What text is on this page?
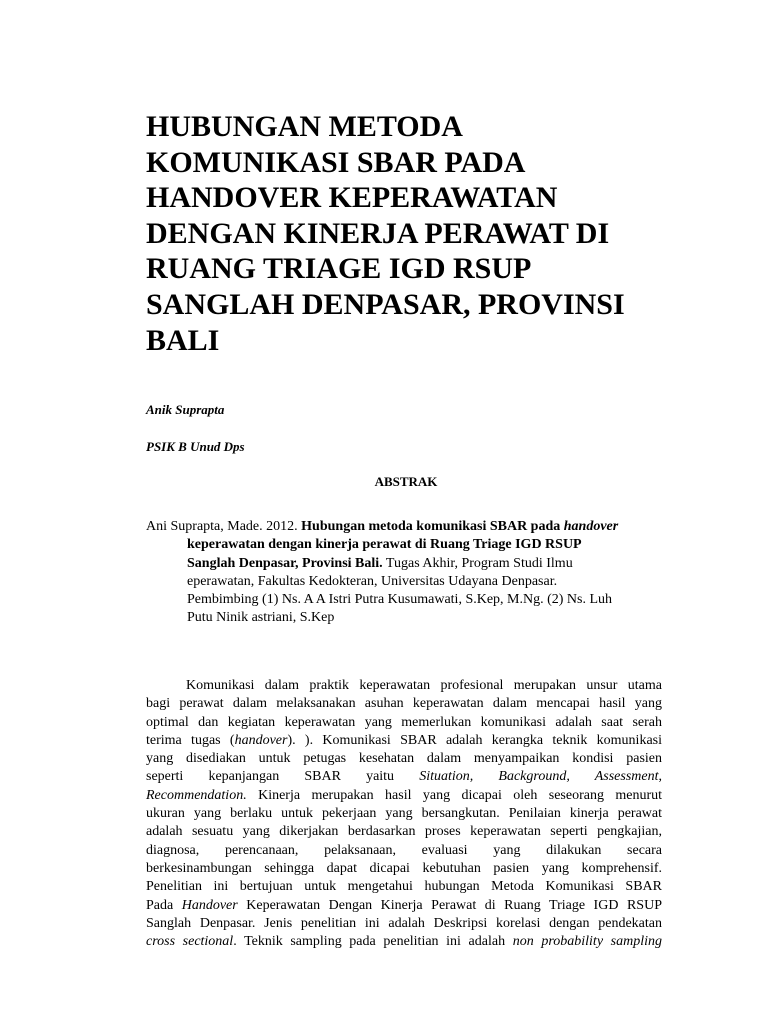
HUBUNGAN METODA
KOMUNIKASI SBAR PADA
HANDOVER KEPERAWATAN
DENGAN KINERJA PERAWAT DI
RUANG TRIAGE IGD RSUP
SANGLAH DENPASAR, PROVINSI
BALI
Anik Suprapta
PSIK B Unud Dps
ABSTRAK
Ani Suprapta, Made. 2012. Hubungan metoda komunikasi SBAR pada handover
keperawatan dengan kinerja perawat di Ruang Triage IGD RSUP
Sanglah Denpasar, Provinsi Bali. Tugas Akhir, Program Studi Ilmu
eperawatan, Fakultas Kedokteran, Universitas Udayana Denpasar.
Pembimbing (1) Ns. A A Istri Putra Kusumawati, S.Kep, M.Ng. (2) Ns. Luh
Putu Ninik astriani, S.Kep
Komunikasi dalam praktik keperawatan profesional merupakan unsur utama
bagi perawat dalam melaksanakan asuhan keperawatan dalam mencapai hasil yang
optimal dan kegiatan keperawatan yang memerlukan komunikasi adalah saat serah
terima tugas (handover). ). Komunikasi SBAR adalah kerangka teknik komunikasi
yang disediakan untuk petugas kesehatan dalam menyampaikan kondisi pasien
seperti kepanjangan SBAR yaitu Situation, Background, Assessment,
Recommendation. Kinerja merupakan hasil yang dicapai oleh seseorang menurut
ukuran yang berlaku untuk pekerjaan yang bersangkutan. Penilaian kinerja perawat
adalah sesuatu yang dikerjakan berdasarkan proses keperawatan seperti pengkajian,
diagnosa, perencanaan, pelaksanaan, evaluasi yang dilakukan secara
berkesinambungan sehingga dapat dicapai kebutuhan pasien yang komprehensif.
Penelitian ini bertujuan untuk mengetahui hubungan Metoda Komunikasi SBAR
Pada Handover Keperawatan Dengan Kinerja Perawat di Ruang Triage IGD RSUP
Sanglah Denpasar. Jenis penelitian ini adalah Deskripsi korelasi dengan pendekatan
cross sectional. Teknik sampling pada penelitian ini adalah non probability sampling
